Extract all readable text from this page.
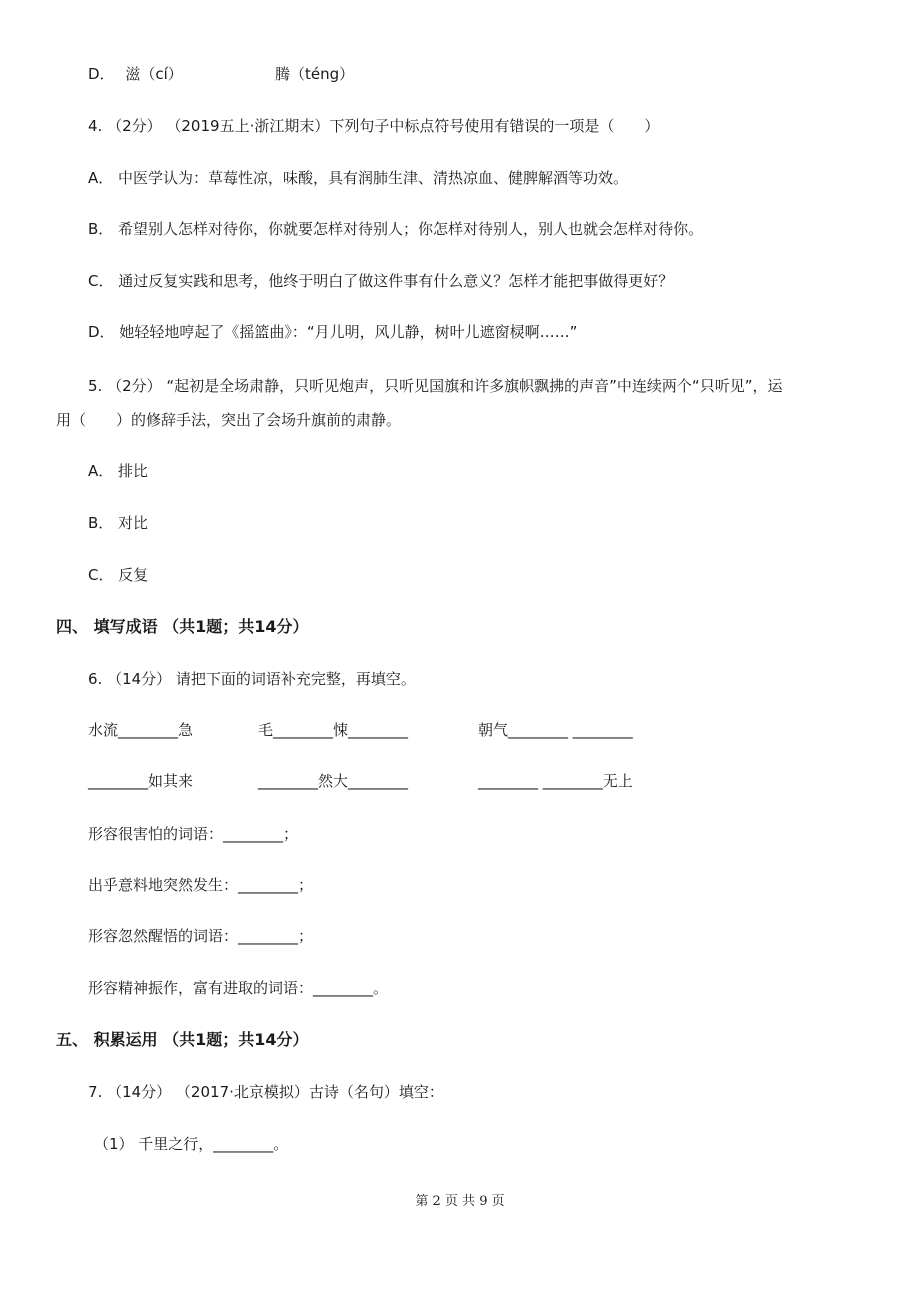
D． 滋（cí）	腾（téng）
4. （2分） （2019五上·浙江期末）下列句子中标点符号使用有错误的一项是（　　）
A． 中医学认为：草莓性凉，味酸，具有润肺生津、清热凉血、健脾解酒等功效。
B． 希望别人怎样对待你，你就要怎样对待别人；你怎样对待别人，别人也就会怎样对待你。
C． 通过反复实践和思考，他终于明白了做这件事有什么意义？怎样才能把事做得更好？
D． 她轻轻地哼起了《摇篮曲》：“月儿明，风儿静，树叶儿遮窗棂啊……”
5. （2分） “起初是全场肃静，只听见炮声，只听见国旗和许多旗帜飘拂的声音”中连续两个“只听见”，运
用（　　）的修辞手法，突出了会场升旗前的肃静。
A． 排比
B． 对比
C． 反复
四、 填写成语 （共1题；共14分）
6. （14分） 请把下面的词语补充完整，再填空。
水流________急	毛________悚________	朝气________ ________
________如其来	________然大________	________ ________无上
形容很害怕的词语：________；
出乎意料地突然发生：________；
形容忽然醒悟的词语：________；
形容精神振作，富有进取的词语：________。
五、 积累运用 （共1题；共14分）
7. （14分） （2017·北京模拟）古诗（名句）填空：
（1） 千里之行，________。
第 2 页 共 9 页
